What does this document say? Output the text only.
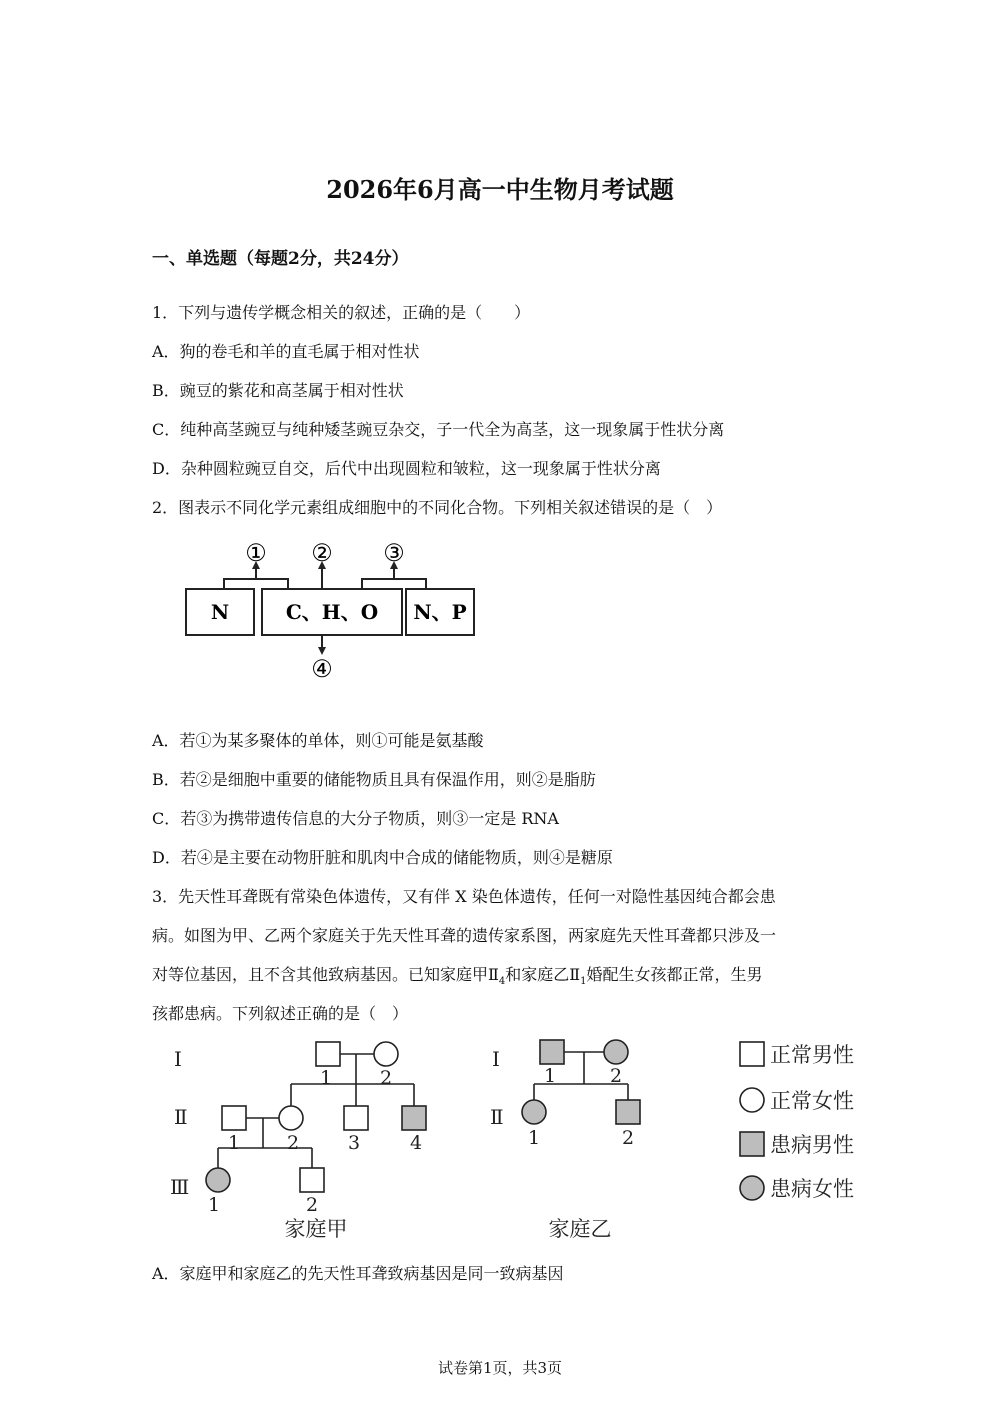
2026年6月高一中生物月考试题
一、单选题（每题2分，共24分）
1．下列与遗传学概念相关的叙述，正确的是（　　）
A．狗的卷毛和羊的直毛属于相对性状
B．豌豆的紫花和高茎属于相对性状
C．纯种高茎豌豆与纯种矮茎豌豆杂交，子一代全为高茎，这一现象属于性状分离
D．杂种圆粒豌豆自交，后代中出现圆粒和皱粒，这一现象属于性状分离
2．图表示不同化学元素组成细胞中的不同化合物。下列相关叙述错误的是（　）
N	C、H、O N、P
① ② ③
④
A．若①为某多聚体的单体，则①可能是氨基酸
B．若②是细胞中重要的储能物质且具有保温作用，则②是脂肪
C．若③为携带遗传信息的大分子物质，则③一定是 RNA
D．若④是主要在动物肝脏和肌肉中合成的储能物质，则④是糖原
3．先天性耳聋既有常染色体遗传，又有伴 X 染色体遗传，任何一对隐性基因纯合都会患
病。如图为甲、乙两个家庭关于先天性耳聋的遗传家系图，两家庭先天性耳聋都只涉及一
对等位基因，且不含其他致病基因。已知家庭甲$Ⅱ_4$和家庭乙$Ⅱ_1$婚配生女孩都正常，生男
孩都患病。下列叙述正确的是（　）
Ⅰ
Ⅱ
Ⅲ
Ⅰ
Ⅱ
1	2
1 2	3	4
1	2
1	2
1	2
家庭甲	家庭乙
正常男性
正常女性
患病男性
患病女性
A．家庭甲和家庭乙的先天性耳聋致病基因是同一致病基因
试卷第1页，共3页
